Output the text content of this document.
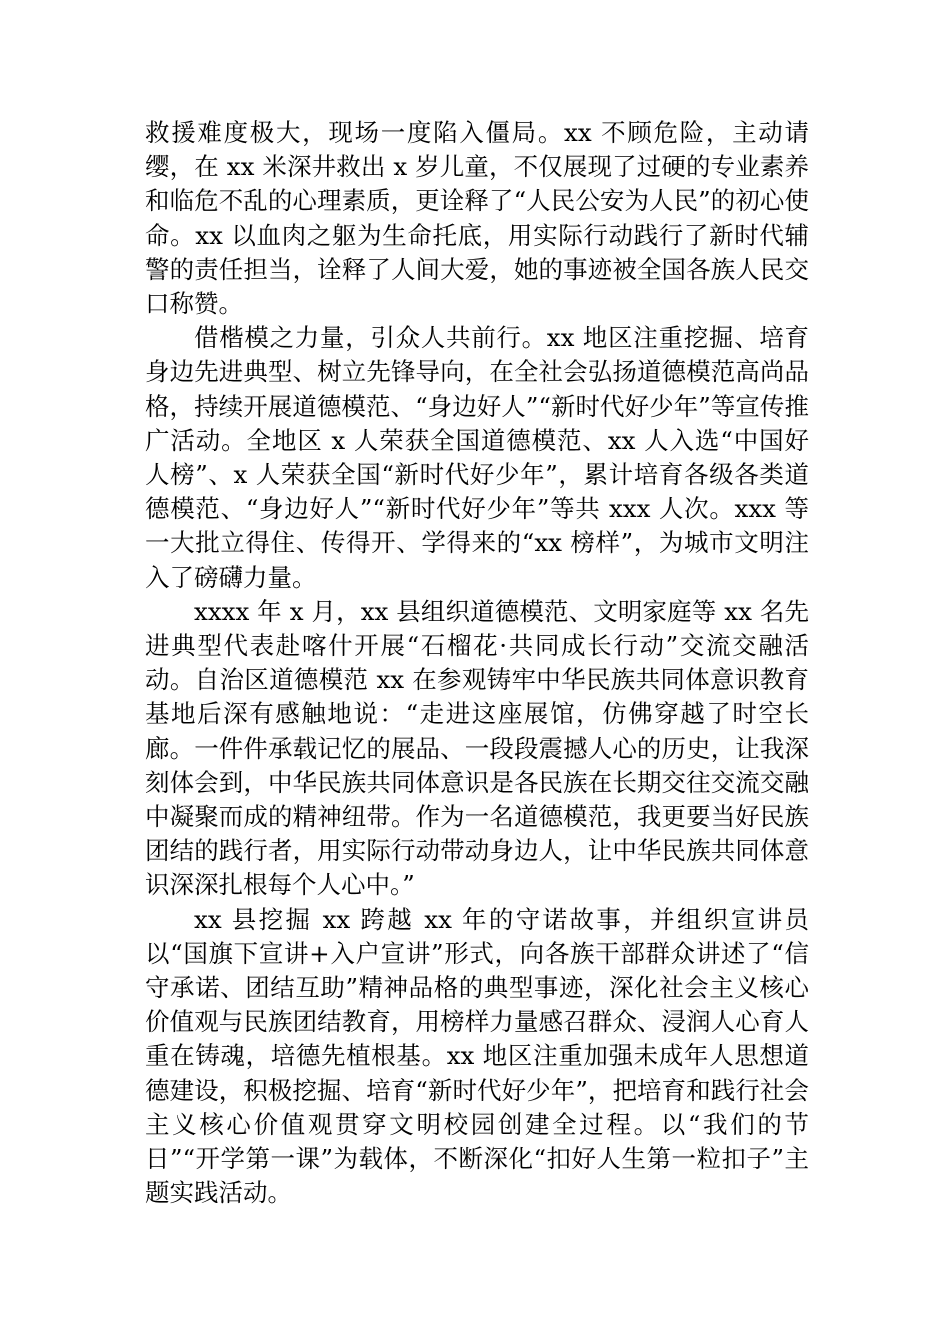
救援难度极大，现场一度陷入僵局。xx 不顾危险，主动请缨，在 xx 米深井救出 x 岁儿童，不仅展现了过硬的专业素养和临危不乱的心理素质，更诠释了“人民公安为人民”的初心使命。xx 以血肉之躯为生命托底，用实际行动践行了新时代辅警的责任担当，诠释了人间大爱，她的事迹被全国各族人民交口称赞。

借楷模之力量，引众人共前行。xx 地区注重挖掘、培育身边先进典型、树立先锋导向，在全社会弘扬道德模范高尚品格，持续开展道德模范、“身边好人”“新时代好少年”等宣传推广活动。全地区 x 人荣获全国道德模范、xx 人入选“中国好人榜”、x 人荣获全国“新时代好少年”，累计培育各级各类道德模范、“身边好人”“新时代好少年”等共 xxx 人次。xxx 等一大批立得住、传得开、学得来的“xx 榜样”，为城市文明注入了磅礴力量。

xxxx 年 x 月，xx 县组织道德模范、文明家庭等 xx 名先进典型代表赴喀什开展“石榴花·共同成长行动”交流交融活动。自治区道德模范 xx 在参观铸牢中华民族共同体意识教育基地后深有感触地说：“走进这座展馆，仿佛穿越了时空长廊。一件件承载记忆的展品、一段段震撼人心的历史，让我深刻体会到，中华民族共同体意识是各民族在长期交往交流交融中凝聚而成的精神纽带。作为一名道德模范，我更要当好民族团结的践行者，用实际行动带动身边人，让中华民族共同体意识深深扎根每个人心中。”

xx 县挖掘 xx 跨越 xx 年的守诺故事，并组织宣讲员以“国旗下宣讲+入户宣讲”形式，向各族干部群众讲述了“信守承诺、团结互助”精神品格的典型事迹，深化社会主义核心价值观与民族团结教育，用榜样力量感召群众、浸润人心育人重在铸魂，培德先植根基。xx 地区注重加强未成年人思想道德建设，积极挖掘、培育“新时代好少年”，把培育和践行社会主义核心价值观贯穿文明校园创建全过程。以“我们的节日”“开学第一课”为载体，不断深化“扣好人生第一粒扣子”主题实践活动。
